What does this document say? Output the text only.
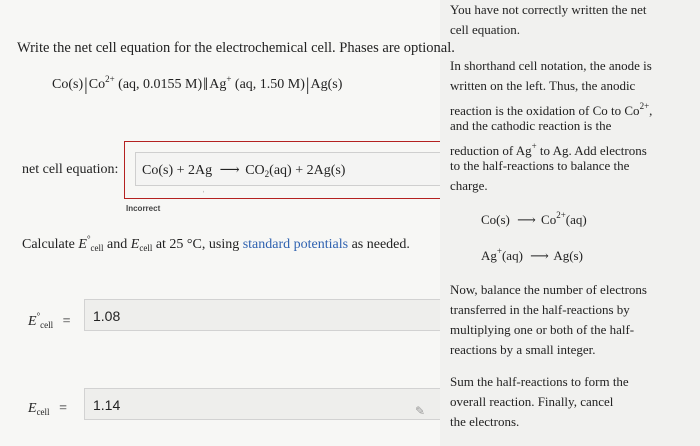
Write the net cell equation for the electrochemical cell. Phases are optional.
$Co(s)|Co^{2+}$ (aq, 0.0155 M)‖Ag+ (aq, 1.50 M)|Ag(s)
net cell equation:	Co(s) + 2Ag ⟶ $CO_2(aq) + 2Ag(s)$
ˈ
Incorrect
Calculate $E^\circ_{cell}$ and $E_{cell}$ at 25 °C, using standard potentials as needed.
$E^\circ_{cell}$ =	1.08
$E_{cell}$ =	1.14	✎
You have not correctly written the net
cell equation.
In shorthand cell notation, the anode is
written on the left. Thus, the anodic
reaction is the oxidation of Co to $Co^{2+}$,
and the cathodic reaction is the
reduction of Ag+ to Ag. Add electrons
to the half-reactions to balance the
charge.
Co(s) ⟶ $Co^{2+}(aq)$
Ag+(aq) ⟶ Ag(s)
Now, balance the number of electrons
transferred in the half-reactions by
multiplying one or both of the half-
reactions by a small integer.
Sum the half-reactions to form the
overall reaction. Finally, cancel
the electrons.
